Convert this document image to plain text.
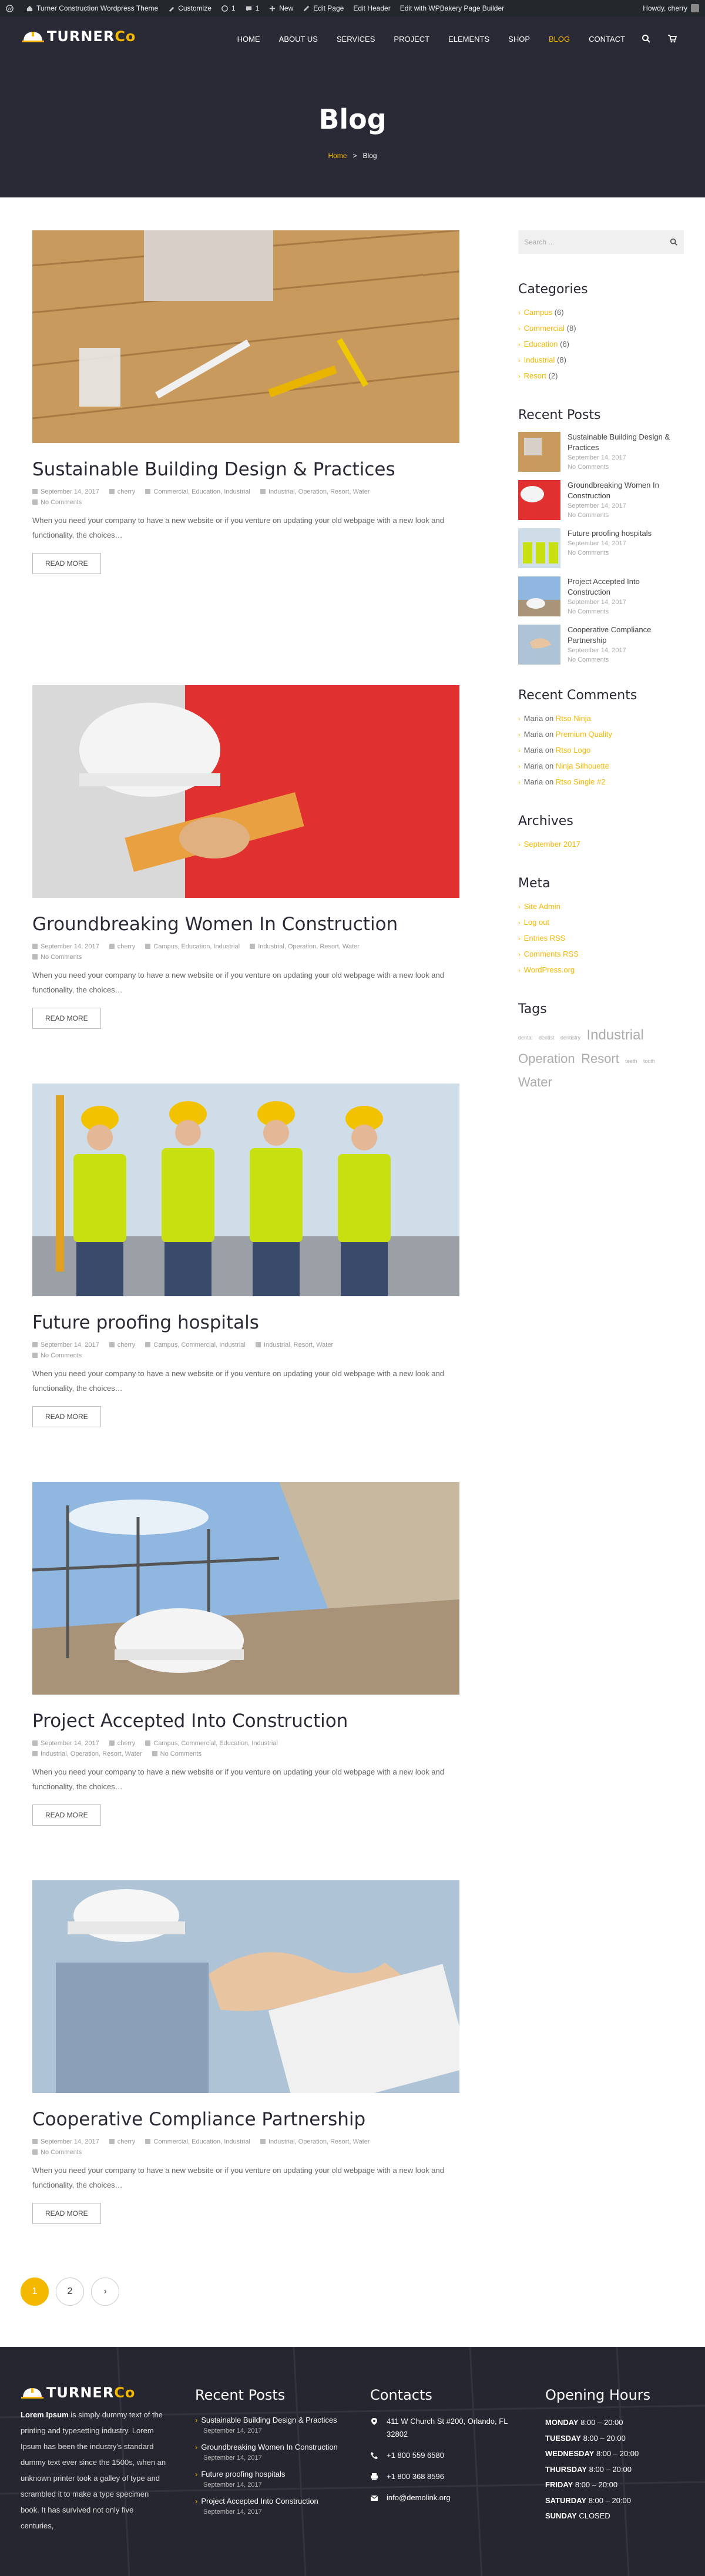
W	Turner Construction Wordpress Theme	Customize	1	1	New	Edit Page Edit Header Edit with WPBakery Page Builder	Howdy, cherry
TURNERCo	HOME ABOUT US SERVICES PROJECT ELEMENTS SHOP BLOG CONTACT
Blog
Home > Blog
Sustainable Building Design & Practices
September 14, 2017	cherry	Commercial, Education, Industrial	Industrial, Operation, Resort, Water
No Comments

When you need your company to have a new website or if you venture on updating your old webpage with a new look and functionality, the choices…

READ MORE
Groundbreaking Women In Construction
September 14, 2017	cherry	Campus, Education, Industrial	Industrial, Operation, Resort, Water
No Comments

When you need your company to have a new website or if you venture on updating your old webpage with a new look and functionality, the choices…

READ MORE
Future proofing hospitals
September 14, 2017	cherry	Campus, Commercial, Industrial	Industrial, Resort, Water
No Comments

When you need your company to have a new website or if you venture on updating your old webpage with a new look and functionality, the choices…

READ MORE
Project Accepted Into Construction
September 14, 2017	cherry	Campus, Commercial, Education, Industrial
Industrial, Operation, Resort, Water	No Comments

When you need your company to have a new website or if you venture on updating your old webpage with a new look and functionality, the choices…

READ MORE
Cooperative Compliance Partnership
September 14, 2017	cherry	Commercial, Education, Industrial	Industrial, Operation, Resort, Water
No Comments

When you need your company to have a new website or if you venture on updating your old webpage with a new look and functionality, the choices…

READ MORE
Search ...
Categories
› Campus (6)
› Commercial (8)
› Education (6)
› Industrial (8)
› Resort (2)
Recent Posts
Sustainable Building Design & Practices
September 14, 2017
No Comments
Groundbreaking Women In Construction
September 14, 2017
No Comments
Future proofing hospitals
September 14, 2017
No Comments
Project Accepted Into Construction
September 14, 2017
No Comments
Cooperative Compliance Partnership
September 14, 2017
No Comments
Recent Comments
› Maria on Rtso Ninja
› Maria on Premium Quality
› Maria on Rtso Logo
› Maria on Ninja Silhouette
› Maria on Rtso Single #2
Archives
› September 2017
Meta
› Site Admin
› Log out
› Entries RSS
› Comments RSS
› WordPress.org
Tags
dental dentist dentistry Industrial Operation Resort teeth tooth Water
1	2	›
TURNERCo

Lorem Ipsum is simply dummy text of the printing and typesetting industry. Lorem Ipsum has been the industry's standard dummy text ever since the 1500s, when an unknown printer took a galley of type and scrambled it to make a type specimen book. It has survived not only five centuries,

Recent Posts
› Sustainable Building Design & Practices
September 14, 2017
› Groundbreaking Women In Construction
September 14, 2017
› Future proofing hospitals
September 14, 2017
› Project Accepted Into Construction
September 14, 2017
Contacts
411 W Church St #200, Orlando, FL 32802
+1 800 559 6580
+1 800 368 8596
info@demolink.org
Opening Hours
MONDAY 8:00 – 20:00
TUESDAY 8:00 – 20:00
WEDNESDAY 8:00 – 20:00
THURSDAY 8:00 – 20:00
FRIDAY 8:00 – 20:00
SATURDAY 8:00 – 20:00
SUNDAY CLOSED
